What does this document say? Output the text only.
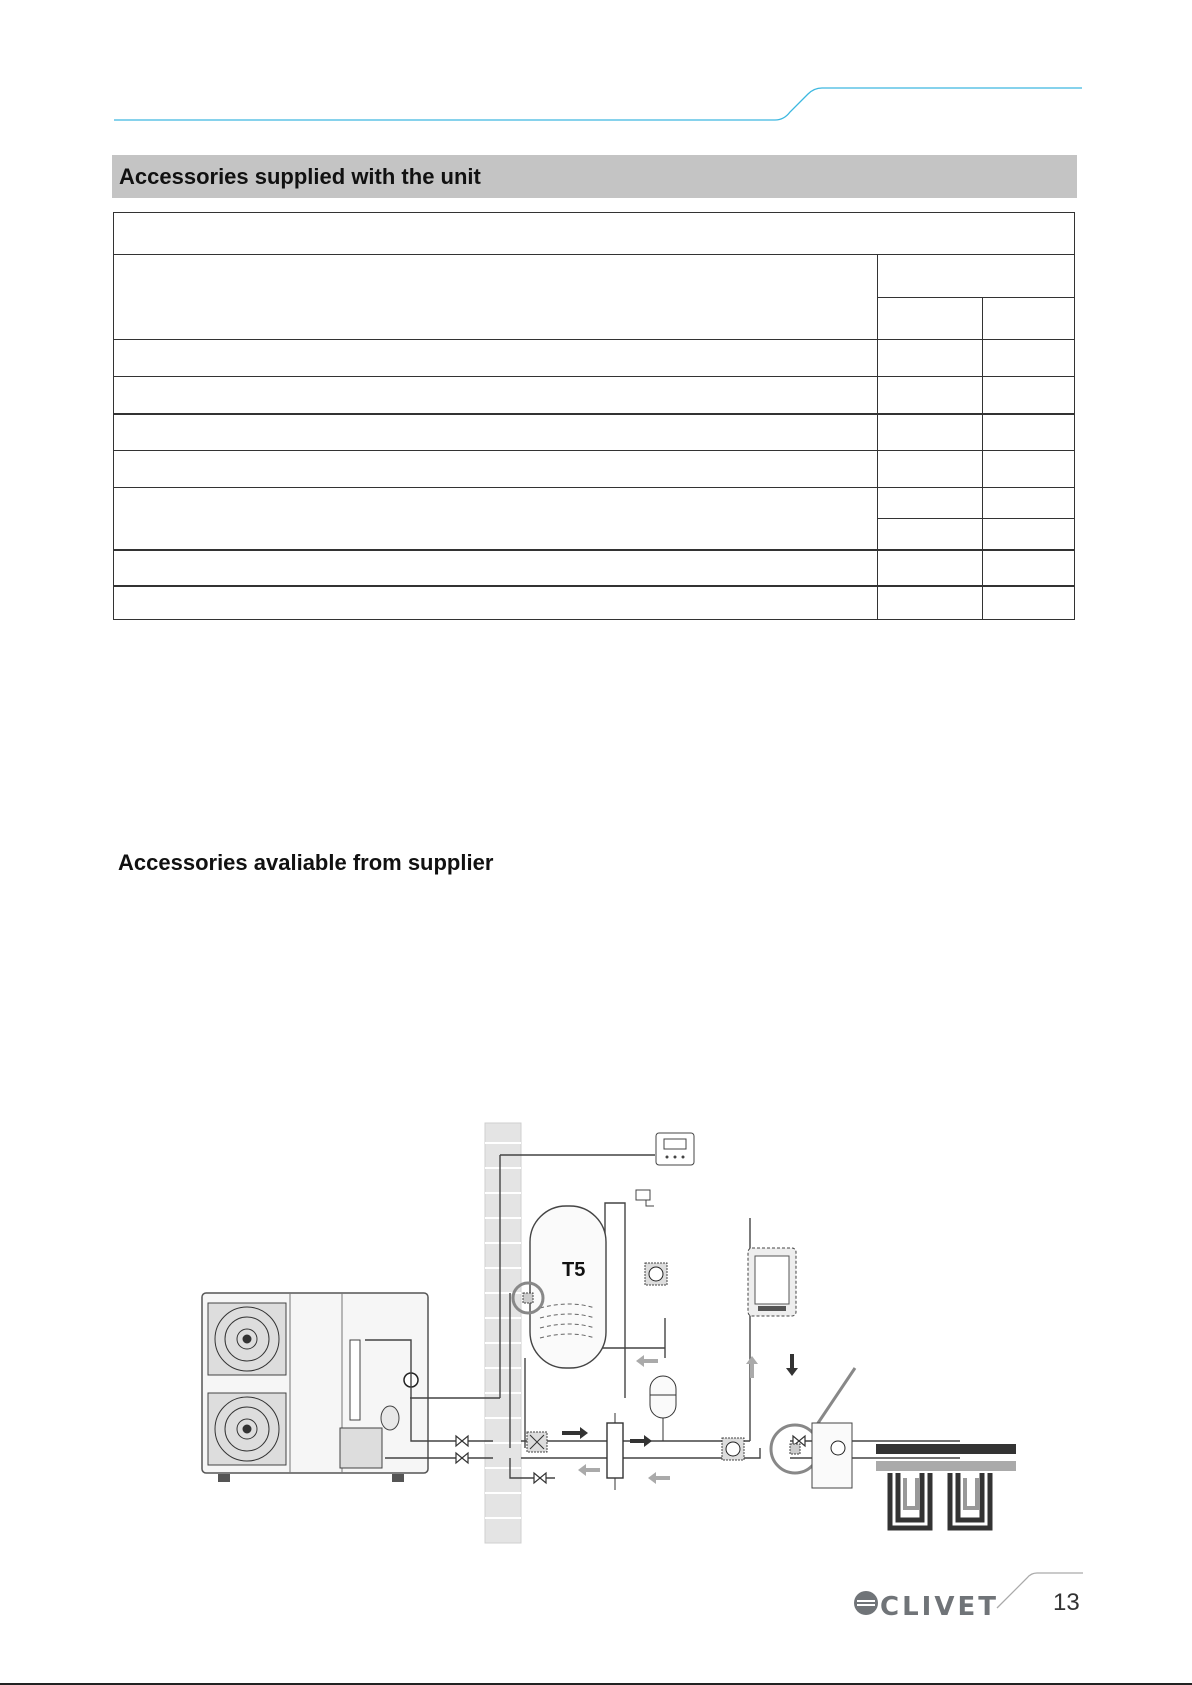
Accessories supplied with the unit
Accessories avaliable from supplier
T5
CLIVET 13
